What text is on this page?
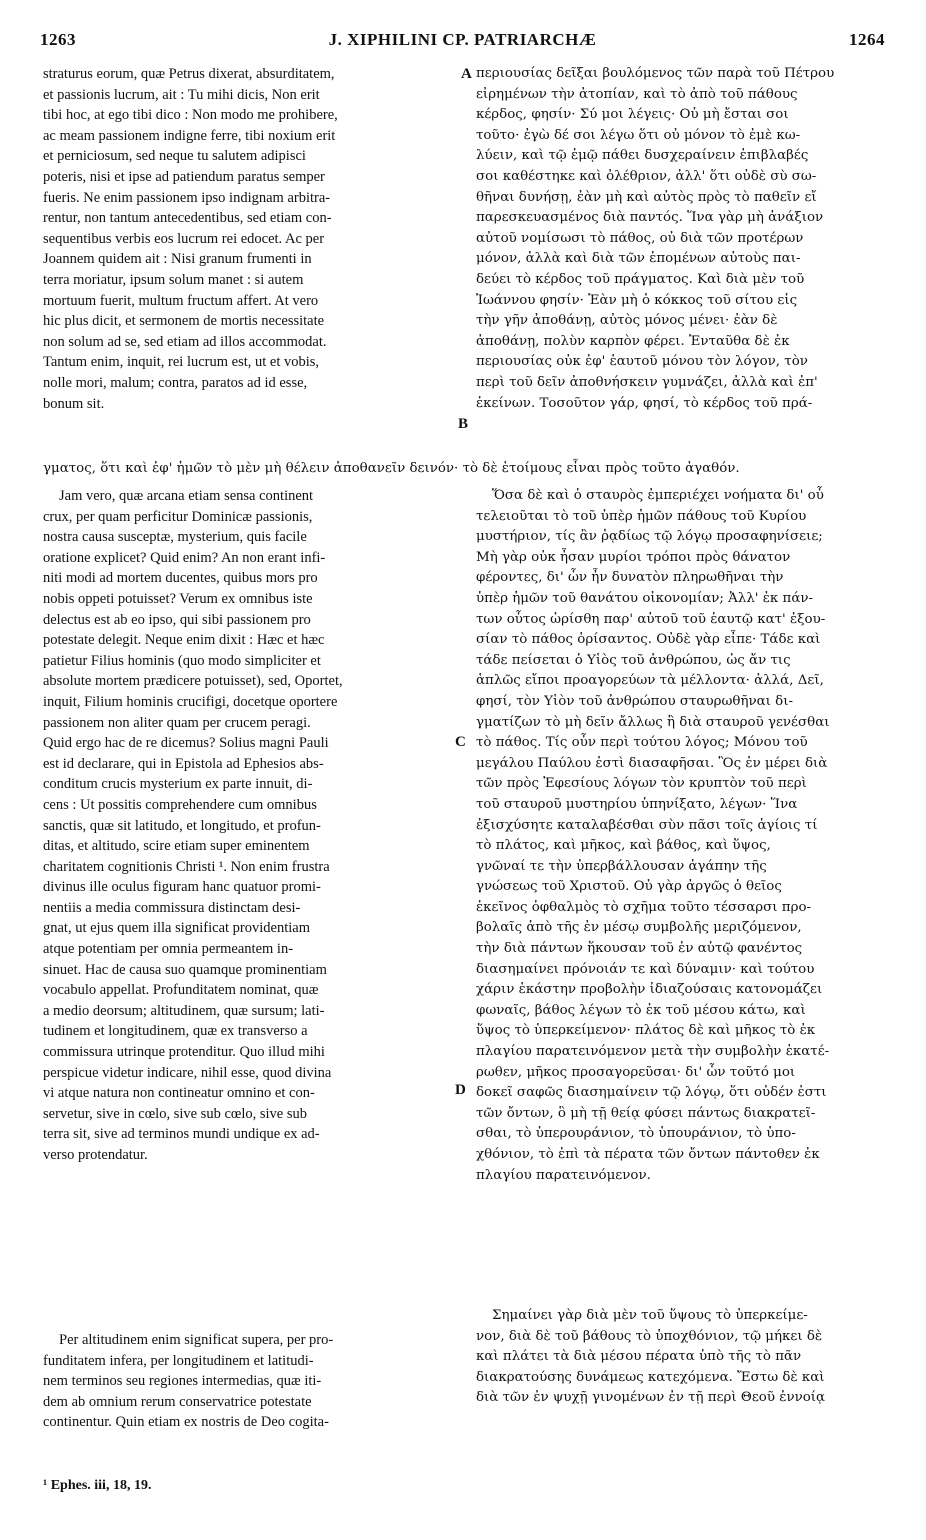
1263	J. XIPHILINI CP. PATRIARCHÆ	1264
straturus eorum, quæ Petrus dixerat, absurditatem,
et passionis lucrum, ait : Tu mihi dicis, Non erit
tibi hoc, at ego tibi dico : Non modo me prohibere,
ac meam passionem indigne ferre, tibi noxium erit
et perniciosum, sed neque tu salutem adipisci
poteris, nisi et ipse ad patiendum paratus semper
fueris. Ne enim passionem ipso indignam arbitra-
rentur, non tantum antecedentibus, sed etiam con-
sequentibus verbis eos lucrum rei edocet. Ac per
Joannem quidem ait : Nisi granum frumenti in
terra moriatur, ipsum solum manet : si autem
mortuum fuerit, multum fructum affert. At vero
hic plus dicit, et sermonem de mortis necessitate
non solum ad se, sed etiam ad illos accommodat.
Tantum enim, inquit, rei lucrum est, ut et vobis,
nolle mori, malum; contra, paratos ad id esse,
bonum sit.
περιουσίας δεῖξαι βουλόμενος τῶν παρὰ τοῦ Πέτρου
εἰρημένων τὴν ἀτοπίαν, καὶ τὸ ἀπὸ τοῦ πάθους
κέρδος, φησίν· Σύ μοι λέγεις· Οὐ μὴ ἔσται σοι
τοῦτο· ἐγὼ δέ σοι λέγω ὅτι οὐ μόνον τὸ ἐμὲ κω-
λύειν, καὶ τῷ ἐμῷ πάθει δυσχεραίνειν ἐπιβλαβές
σοι καθέστηκε καὶ ὀλέθριον, ἀλλ' ὅτι οὐδὲ σὺ σω-
θῆναι δυνήσῃ, ἐὰν μὴ καὶ αὐτὸς πρὸς τὸ παθεῖν εἴ
παρεσκευασμένος διὰ παντός. Ἵνα γὰρ μὴ ἀνάξιον
αὐτοῦ νομίσωσι τὸ πάθος, οὐ διὰ τῶν προτέρων
μόνον, ἀλλὰ καὶ διὰ τῶν ἑπομένων αὐτοὺς παι-
δεύει τὸ κέρδος τοῦ πράγματος. Καὶ διὰ μὲν τοῦ
Ἰωάννου φησίν· Ἐὰν μὴ ὁ κόκκος τοῦ σίτου εἰς
τὴν γῆν ἀποθάνῃ, αὐτὸς μόνος μένει· ἐὰν δὲ
ἀποθάνῃ, πολὺν καρπὸν φέρει. Ἐνταῦθα δὲ ἐκ
περιουσίας οὐκ ἐφ' ἑαυτοῦ μόνου τὸν λόγον, τὸν
περὶ τοῦ δεῖν ἀποθνήσκειν γυμνάζει, ἀλλὰ καὶ ἐπ'
ἐκείνων. Τοσοῦτον γάρ, φησί, τὸ κέρδος τοῦ πρά-
A
B
C
D
γματος, ὅτι καὶ ἐφ' ἡμῶν τὸ μὲν μὴ θέλειν ἀποθανεῖν δεινόν· τὸ δὲ ἑτοίμους εἶναι πρὸς τοῦτο ἀγαθόν.
Jam vero, quæ arcana etiam sensa continent
crux, per quam perficitur Dominicæ passionis,
nostra causa susceptæ, mysterium, quis facile
oratione explicet? Quid enim? An non erant infi-
niti modi ad mortem ducentes, quibus mors pro
nobis oppeti potuisset? Verum ex omnibus iste
delectus est ab eo ipso, qui sibi passionem pro
potestate delegit. Neque enim dixit : Hæc et hæc
patietur Filius hominis (quo modo simpliciter et
absolute mortem prædicere potuisset), sed, Oportet,
inquit, Filium hominis crucifigi, docetque oportere
passionem non aliter quam per crucem peragi.
Quid ergo hac de re dicemus? Solius magni Pauli
est id declarare, qui in Epistola ad Ephesios abs-
conditum crucis mysterium ex parte innuit, di-
cens : Ut possitis comprehendere cum omnibus
sanctis, quæ sit latitudo, et longitudo, et profun-
ditas, et altitudo, scire etiam super eminentem
charitatem cognitionis Christi ¹. Non enim frustra
divinus ille oculus figuram hanc quatuor promi-
nentiis a media commissura distinctam desi-
gnat, ut ejus quem illa significat providentiam
atque potentiam per omnia permeantem in-
sinuet. Hac de causa suo quamque prominentiam
vocabulo appellat. Profunditatem nominat, quæ
a medio deorsum; altitudinem, quæ sursum; lati-
tudinem et longitudinem, quæ ex transverso a
commissura utrinque protenditur. Quo illud mihi
perspicue videtur indicare, nihil esse, quod divina
vi atque natura non contineatur omnino et con-
servetur, sive in cœlo, sive sub cœlo, sive sub
terra sit, sive ad terminos mundi undique ex ad-
verso protendatur.
Ὅσα δὲ καὶ ὁ σταυρὸς ἐμπεριέχει νοήματα δι' οὗ
τελειοῦται τὸ τοῦ ὑπὲρ ἡμῶν πάθους τοῦ Κυρίου
μυστήριον, τίς ἂν ῥᾳδίως τῷ λόγῳ προσαφηνίσειε;
Μὴ γὰρ οὐκ ἦσαν μυρίοι τρόποι πρὸς θάνατον
φέροντες, δι' ὧν ἦν δυνατὸν πληρωθῆναι τὴν
ὑπὲρ ἡμῶν τοῦ θανάτου οἰκονομίαν; Ἀλλ' ἐκ πάν-
των οὗτος ὡρίσθη παρ' αὐτοῦ τοῦ ἑαυτῷ κατ' ἐξου-
σίαν τὸ πάθος ὁρίσαντος. Οὐδὲ γὰρ εἶπε· Τάδε καὶ
τάδε πείσεται ὁ Υἱὸς τοῦ ἀνθρώπου, ὡς ἄν τις
ἁπλῶς εἴποι προαγορεύων τὰ μέλλοντα· ἀλλά, Δεῖ,
φησί, τὸν Υἱὸν τοῦ ἀνθρώπου σταυρωθῆναι δι-
γματίζων τὸ μὴ δεῖν ἄλλως ἢ διὰ σταυροῦ γενέσθαι
τὸ πάθος. Τίς οὖν περὶ τούτου λόγος; Μόνου τοῦ
μεγάλου Παύλου ἐστὶ διασαφῆσαι. Ὃς ἐν μέρει διὰ
τῶν πρὸς Ἐφεσίους λόγων τὸν κρυπτὸν τοῦ περὶ
τοῦ σταυροῦ μυστηρίου ὑπηνίξατο, λέγων· Ἵνα
ἐξισχύσητε καταλαβέσθαι σὺν πᾶσι τοῖς ἁγίοις τί
τὸ πλάτος, καὶ μῆκος, καὶ βάθος, καὶ ὕψος,
γνῶναί τε τὴν ὑπερβάλλουσαν ἀγάπην τῆς
γνώσεως τοῦ Χριστοῦ. Οὐ γὰρ ἀργῶς ὁ θεῖος
ἐκεῖνος ὀφθαλμὸς τὸ σχῆμα τοῦτο τέσσαρσι προ-
βολαῖς ἀπὸ τῆς ἐν μέσῳ συμβολῆς μεριζόμενον,
τὴν διὰ πάντων ἥκουσαν τοῦ ἐν αὐτῷ φανέντος
διασημαίνει πρόνοιάν τε καὶ δύναμιν· καὶ τούτου
χάριν ἑκάστην προβολὴν ἰδιαζούσαις κατονομάζει
φωναῖς, βάθος λέγων τὸ ἐκ τοῦ μέσου κάτω, καὶ
ὕψος τὸ ὑπερκείμενον· πλάτος δὲ καὶ μῆκος τὸ ἐκ
πλαγίου παρατεινόμενον μετὰ τὴν συμβολὴν ἑκατέ-
ρωθεν, μῆκος προσαγορεῦσαι· δι' ὧν τοῦτό μοι
δοκεῖ σαφῶς διασημαίνειν τῷ λόγῳ, ὅτι οὐδέν ἐστι
τῶν ὄντων, ὃ μὴ τῇ θείᾳ φύσει πάντως διακρατεῖ-
σθαι, τὸ ὑπερουράνιον, τὸ ὑπουράνιον, τὸ ὑπο-
χθόνιον, τὸ ἐπὶ τὰ πέρατα τῶν ὄντων πάντοθεν ἐκ
πλαγίου παρατεινόμενον.
Per altitudinem enim significat supera, per pro-
funditatem infera, per longitudinem et latitudi-
nem terminos seu regiones intermedias, quæ iti-
dem ab omnium rerum conservatrice potestate
continentur. Quin etiam ex nostris de Deo cogita-
Σημαίνει γὰρ διὰ μὲν τοῦ ὕψους τὸ ὑπερκείμε-
νον, διὰ δὲ τοῦ βάθους τὸ ὑποχθόνιον, τῷ μήκει δὲ
καὶ πλάτει τὰ διὰ μέσου πέρατα ὑπὸ τῆς τὸ πᾶν
διακρατούσης δυνάμεως κατεχόμενα. Ἔστω δὲ καὶ
διὰ τῶν ἐν ψυχῇ γινομένων ἐν τῇ περὶ Θεοῦ ἐννοίᾳ
¹ Ephes. iii, 18, 19.
